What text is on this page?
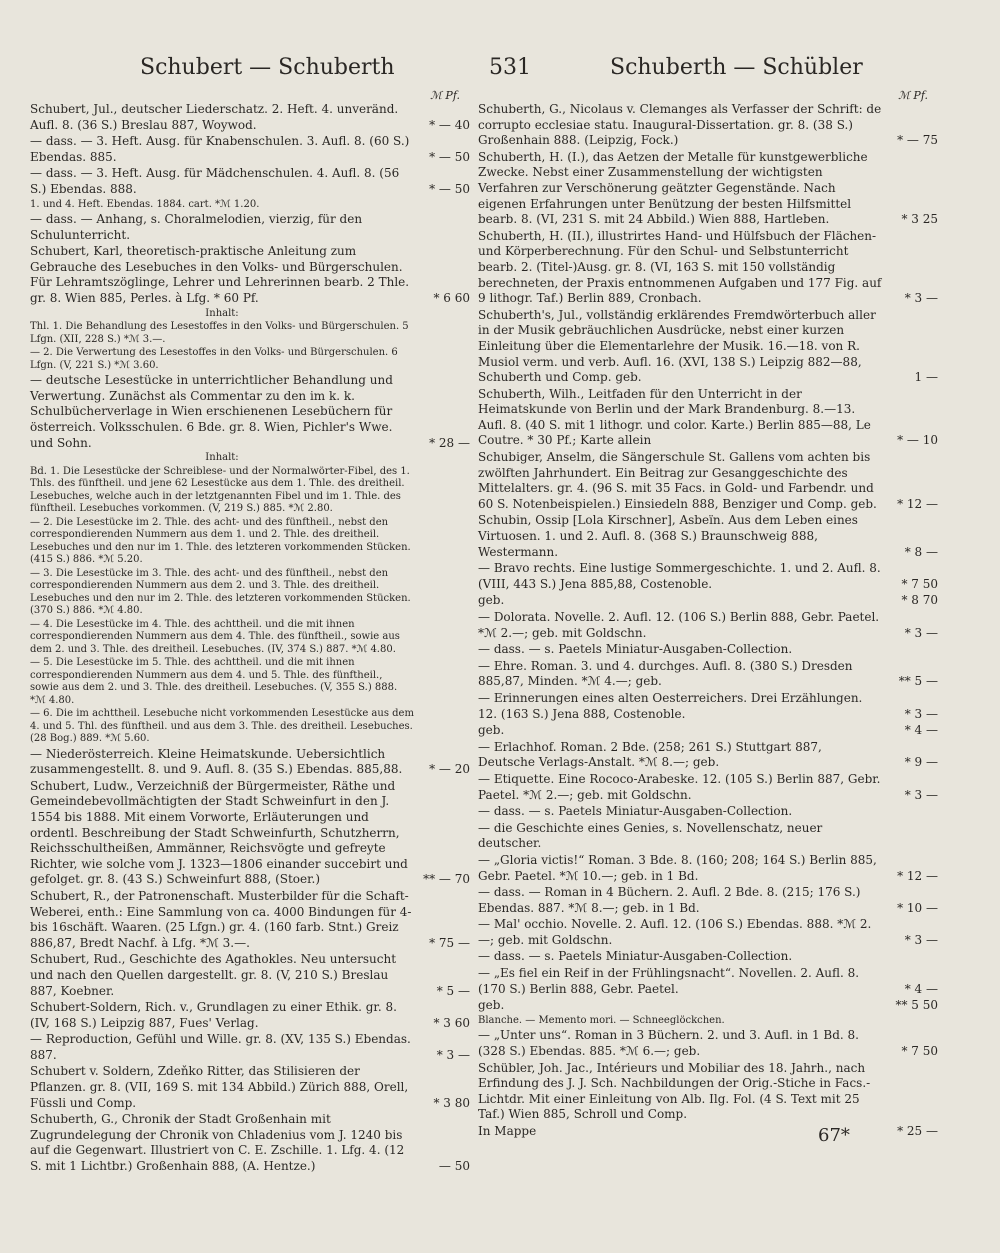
Schubert — Schuberth	531	Schuberth — Schübler
ℳ Pf.
Schubert, Jul., deutscher Liederschatz. 2. Heft. 4. unveränd. Aufl. 8. (36 S.) Breslau 887, Woywod.	* — 40
— dass. — 3. Heft. Ausg. für Knabenschulen. 3. Aufl. 8. (60 S.) Ebendas. 885.	* — 50
— dass. — 3. Heft. Ausg. für Mädchenschulen. 4. Aufl. 8. (56 S.) Ebendas. 888.	* — 50
1. und 4. Heft. Ebendas. 1884. cart. *ℳ 1.20.
— dass. — Anhang, s. Choralmelodien, vierzig, für den Schulunterricht.
Schubert, Karl, theoretisch-praktische Anleitung zum Gebrauche des Lesebuches in den Volks- und Bürgerschulen. Für Lehramtszöglinge, Lehrer und Lehrerinnen bearb. 2 Thle. gr. 8. Wien 885, Perles. à Lfg. * 60 Pf.	* 6 60
Inhalt:
Thl. 1. Die Behandlung des Lesestoffes in den Volks- und Bürgerschulen. 5 Lfgn. (XII, 228 S.) *ℳ 3.—.
— 2. Die Verwertung des Lesestoffes in den Volks- und Bürgerschulen. 6 Lfgn. (V, 221 S.) *ℳ 3.60.
— deutsche Lesestücke in unterrichtlicher Behandlung und Verwertung. Zunächst als Commentar zu den im k. k. Schulbücherverlage in Wien erschienenen Lesebüchern für österreich. Volksschulen. 6 Bde. gr. 8. Wien, Pichler's Wwe. und Sohn.	* 28 —
Inhalt:
Bd. 1. Die Lesestücke der Schreiblese- und der Normalwörter-Fibel, des 1. Thls. des fünftheil. und jene 62 Lesestücke aus dem 1. Thle. des dreitheil. Lesebuches, welche auch in der letztgenannten Fibel und im 1. Thle. des fünftheil. Lesebuches vorkommen. (V, 219 S.) 885. *ℳ 2.80.
— 2. Die Lesestücke im 2. Thle. des acht- und des fünftheil., nebst den correspondierenden Nummern aus dem 1. und 2. Thle. des dreitheil. Lesebuches und den nur im 1. Thle. des letzteren vorkommenden Stücken. (415 S.) 886. *ℳ 5.20.
— 3. Die Lesestücke im 3. Thle. des acht- und des fünftheil., nebst den correspondierenden Nummern aus dem 2. und 3. Thle. des dreitheil. Lesebuches und den nur im 2. Thle. des letzteren vorkommenden Stücken. (370 S.) 886. *ℳ 4.80.
— 4. Die Lesestücke im 4. Thle. des achttheil. und die mit ihnen correspondierenden Nummern aus dem 4. Thle. des fünftheil., sowie aus dem 2. und 3. Thle. des dreitheil. Lesebuches. (IV, 374 S.) 887. *ℳ 4.80.
— 5. Die Lesestücke im 5. Thle. des achttheil. und die mit ihnen correspondierenden Nummern aus dem 4. und 5. Thle. des fünftheil., sowie aus dem 2. und 3. Thle. des dreitheil. Lesebuches. (V, 355 S.) 888. *ℳ 4.80.
— 6. Die im achttheil. Lesebuche nicht vorkommenden Lesestücke aus dem 4. und 5. Thl. des fünftheil. und aus dem 3. Thle. des dreitheil. Lesebuches. (28 Bog.) 889. *ℳ 5.60.
— Niederösterreich. Kleine Heimatskunde. Uebersichtlich zusammengestellt. 8. und 9. Aufl. 8. (35 S.) Ebendas. 885,88.	* — 20
Schubert, Ludw., Verzeichniß der Bürgermeister, Räthe und Gemeindebevollmächtigten der Stadt Schweinfurt in den J. 1554 bis 1888. Mit einem Vorworte, Erläuterungen und ordentl. Beschreibung der Stadt Schweinfurth, Schutzherrn, Reichsschultheißen, Ammänner, Reichsvögte und gefreyte Richter, wie solche vom J. 1323—1806 einander succebirt und gefolget. gr. 8. (43 S.) Schweinfurt 888, (Stoer.)	** — 70
Schubert, R., der Patronenschaft. Musterbilder für die Schaft-Weberei, enth.: Eine Sammlung von ca. 4000 Bindungen für 4- bis 16schäft. Waaren. (25 Lfgn.) gr. 4. (160 farb. Stnt.) Greiz 886,87, Bredt Nachf. à Lfg. *ℳ 3.—.	* 75 —
Schubert, Rud., Geschichte des Agathokles. Neu untersucht und nach den Quellen dargestellt. gr. 8. (V, 210 S.) Breslau 887, Koebner.	* 5 —
Schubert-Soldern, Rich. v., Grundlagen zu einer Ethik. gr. 8. (IV, 168 S.) Leipzig 887, Fues' Verlag.	* 3 60
— Reproduction, Gefühl und Wille. gr. 8. (XV, 135 S.) Ebendas. 887.	* 3 —
Schubert v. Soldern, Zdeňko Ritter, das Stilisieren der Pflanzen. gr. 8. (VII, 169 S. mit 134 Abbild.) Zürich 888, Orell, Füssli und Comp.	* 3 80
Schuberth, G., Chronik der Stadt Großenhain mit Zugrundelegung der Chronik von Chladenius vom J. 1240 bis auf die Gegenwart. Illustriert von C. E. Zschille. 1. Lfg. 4. (12 S. mit 1 Lichtbr.) Großenhain 888, (A. Hentze.)	— 50
ℳ Pf.
Schuberth, G., Nicolaus v. Clemanges als Verfasser der Schrift: de corrupto ecclesiae statu. Inaugural-Dissertation. gr. 8. (38 S.) Großenhain 888. (Leipzig, Fock.)	* — 75
Schuberth, H. (I.), das Aetzen der Metalle für kunstgewerbliche Zwecke. Nebst einer Zusammenstellung der wichtigsten Verfahren zur Verschönerung geätzter Gegenstände. Nach eigenen Erfahrungen unter Benützung der besten Hilfsmittel bearb. 8. (VI, 231 S. mit 24 Abbild.) Wien 888, Hartleben.	* 3 25
Schuberth, H. (II.), illustrirtes Hand- und Hülfsbuch der Flächen- und Körperberechnung. Für den Schul- und Selbstunterricht bearb. 2. (Titel-)Ausg. gr. 8. (VI, 163 S. mit 150 vollständig berechneten, der Praxis entnommenen Aufgaben und 177 Fig. auf 9 lithogr. Taf.) Berlin 889, Cronbach.	* 3 —
Schuberth's, Jul., vollständig erklärendes Fremdwörterbuch aller in der Musik gebräuchlichen Ausdrücke, nebst einer kurzen Einleitung über die Elementarlehre der Musik. 16.—18. von R. Musiol verm. und verb. Aufl. 16. (XVI, 138 S.) Leipzig 882—88, Schuberth und Comp. geb.	1 —
Schuberth, Wilh., Leitfaden für den Unterricht in der Heimatskunde von Berlin und der Mark Brandenburg. 8.—13. Aufl. 8. (40 S. mit 1 lithogr. und color. Karte.) Berlin 885—88, Le Coutre. * 30 Pf.; Karte allein	* — 10
Schubiger, Anselm, die Sängerschule St. Gallens vom achten bis zwölften Jahrhundert. Ein Beitrag zur Gesanggeschichte des Mittelalters. gr. 4. (96 S. mit 35 Facs. in Gold- und Farbendr. und 60 S. Notenbeispielen.) Einsiedeln 888, Benziger und Comp. geb.	* 12 —
Schubin, Ossip [Lola Kirschner], Asbeïn. Aus dem Leben eines Virtuosen. 1. und 2. Aufl. 8. (368 S.) Braunschweig 888, Westermann.	* 8 —
— Bravo rechts. Eine lustige Sommergeschichte. 1. und 2. Aufl. 8. (VIII, 443 S.) Jena 885,88, Costenoble.	* 7 50
geb.	* 8 70
— Dolorata. Novelle. 2. Aufl. 12. (106 S.) Berlin 888, Gebr. Paetel. *ℳ 2.—; geb. mit Goldschn.	* 3 —
— dass. — s. Paetels Miniatur-Ausgaben-Collection.
— Ehre. Roman. 3. und 4. durchges. Aufl. 8. (380 S.) Dresden 885,87, Minden. *ℳ 4.—; geb.	** 5 —
— Erinnerungen eines alten Oesterreichers. Drei Erzählungen. 12. (163 S.) Jena 888, Costenoble.	* 3 —
geb.	* 4 —
— Erlachhof. Roman. 2 Bde. (258; 261 S.) Stuttgart 887, Deutsche Verlags-Anstalt. *ℳ 8.—; geb.	* 9 —
— Etiquette. Eine Rococo-Arabeske. 12. (105 S.) Berlin 887, Gebr. Paetel. *ℳ 2.—; geb. mit Goldschn.	* 3 —
— dass. — s. Paetels Miniatur-Ausgaben-Collection.
— die Geschichte eines Genies, s. Novellenschatz, neuer deutscher.
— „Gloria victis!“ Roman. 3 Bde. 8. (160; 208; 164 S.) Berlin 885, Gebr. Paetel. *ℳ 10.—; geb. in 1 Bd.	* 12 —
— dass. — Roman in 4 Büchern. 2. Aufl. 2 Bde. 8. (215; 176 S.) Ebendas. 887. *ℳ 8.—; geb. in 1 Bd.	* 10 —
— Mal' occhio. Novelle. 2. Aufl. 12. (106 S.) Ebendas. 888. *ℳ 2.—; geb. mit Goldschn.	* 3 —
— dass. — s. Paetels Miniatur-Ausgaben-Collection.
— „Es fiel ein Reif in der Frühlingsnacht“. Novellen. 2. Aufl. 8. (170 S.) Berlin 888, Gebr. Paetel.	* 4 —
geb.	** 5 50
Blanche. — Memento mori. — Schneeglöckchen.
— „Unter uns“. Roman in 3 Büchern. 2. und 3. Aufl. in 1 Bd. 8. (328 S.) Ebendas. 885. *ℳ 6.—; geb.	* 7 50
Schübler, Joh. Jac., Intérieurs und Mobiliar des 18. Jahrh., nach Erfindung des J. J. Sch. Nachbildungen der Orig.-Stiche in Facs.-Lichtdr. Mit einer Einleitung von Alb. Ilg. Fol. (4 S. Text mit 25 Taf.) Wien 885, Schroll und Comp.
In Mappe	* 25 —
67*
